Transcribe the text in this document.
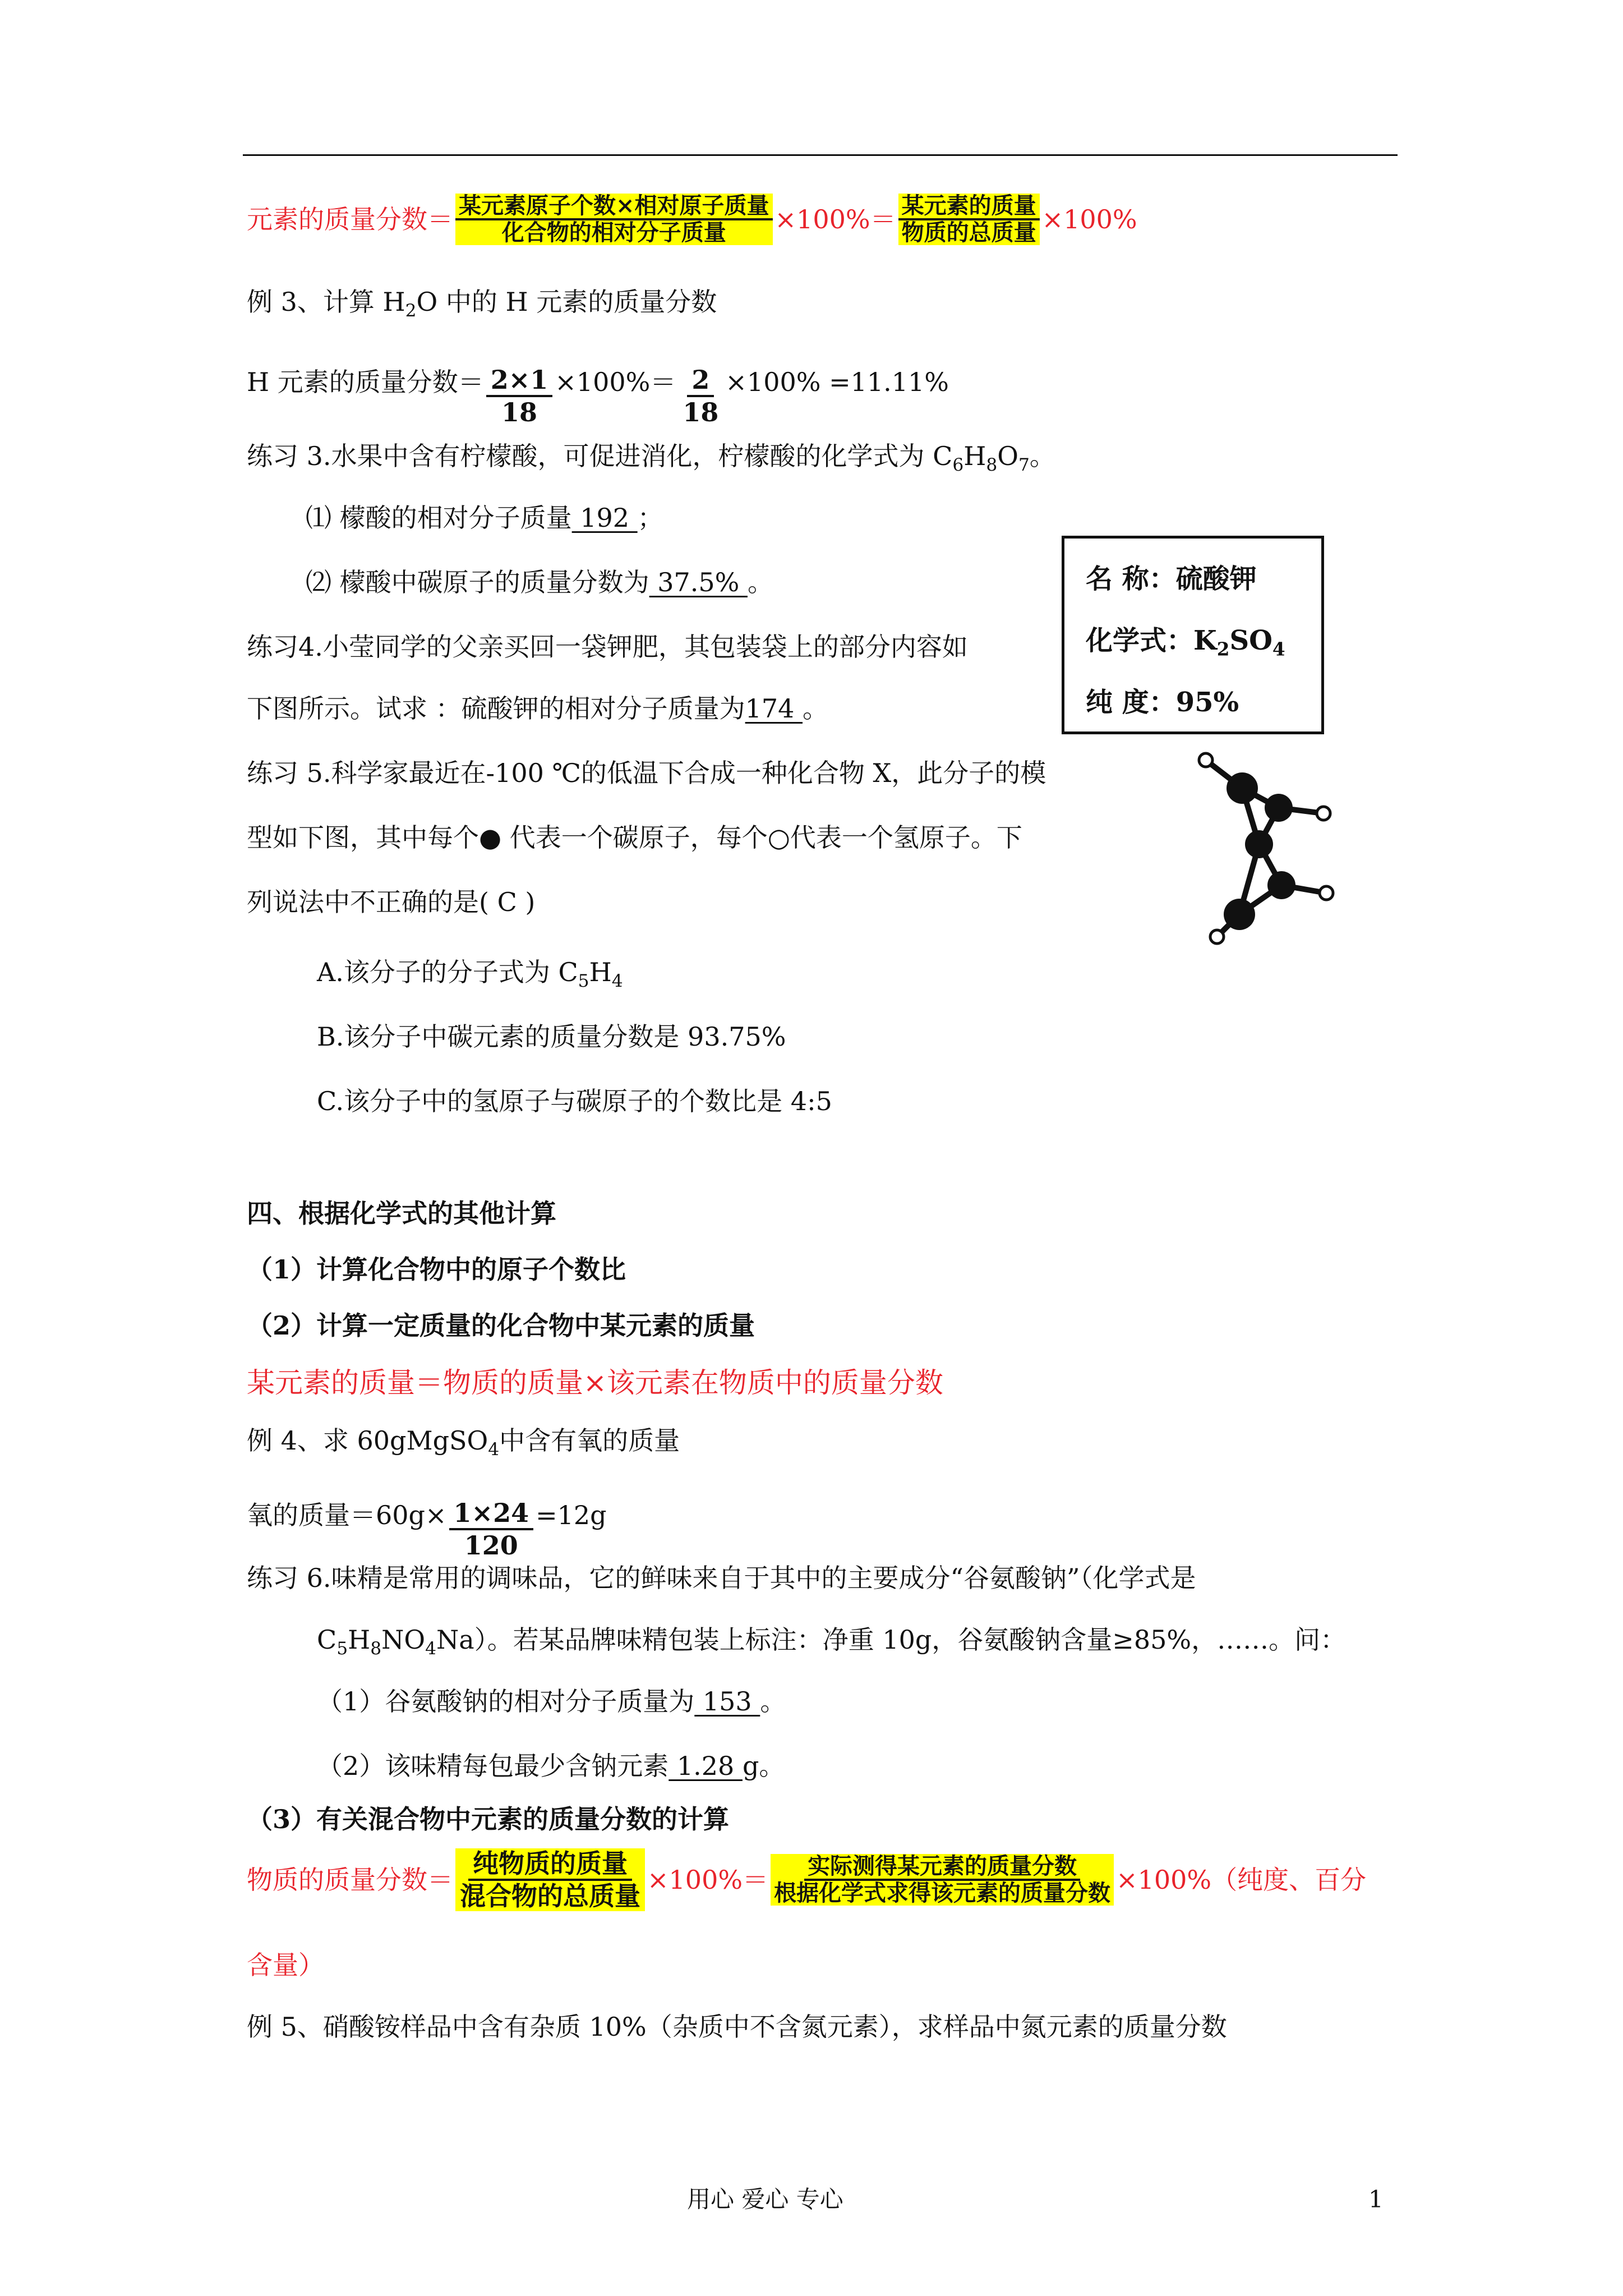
元素的质量分数＝ $\frac{\text{某元素原子个数×相对原子质量}}{\text{化合物的相对分子质量}} \times 100\%= \frac{\text{某元素的质量}}{\text{物质的总质量}} \times 100\%$
例 3、计算 $H_2O$ 中的 H 元素的质量分数
H 元素的质量分数＝ $\frac{2\times 1}{18} \times 100\%= \frac{2}{18} \times 100\% =11.11\%$
练习 3.水果中含有柠檬酸，可促进消化，柠檬酸的化学式为 $C_6H_8O_7$。
⑴ 檬酸的相对分子质量 192 ；
⑵ 檬酸中碳原子的质量分数为 37.5% 。
练习4.小莹同学的父亲买回一袋钾肥，其包装袋上的部分内容如
下图所示。试求 ：硫酸钾的相对分子质量为174 。
名 称：硫酸钾
化学式：$K_2SO_4$
纯 度：95%
练习 5.科学家最近在-100 ℃的低温下合成一种化合物 X，此分子的模
型如下图，其中每个● 代表一个碳原子，每个○代表一个氢原子。下
列说法中不正确的是( C )
A.该分子的分子式为 $C_5H_4$
B.该分子中碳元素的质量分数是 93.75%
C.该分子中的氢原子与碳原子的个数比是 4:5
四、根据化学式的其他计算
（1）计算化合物中的原子个数比
（2）计算一定质量的化合物中某元素的质量
某元素的质量＝物质的质量×该元素在物质中的质量分数
例 4、求 60gMgSO$_4$中含有氧的质量
氧的质量$=60g\times \frac{1\times 24}{120} =12g$
练习 6.味精是常用的调味品，它的鲜味来自于其中的主要成分“谷氨酸钠”（化学式是
$C_5H_8NO_4Na$）。若某品牌味精包装上标注：净重 10g，谷氨酸钠含量≥85%，……。问：
（1）谷氨酸钠的相对分子质量为 153 。
（2）该味精每包最少含钠元素 1.28 g。
（3）有关混合物中元素的质量分数的计算
物质的质量分数＝ $\frac{\text{纯物质的质量}}{\text{混合物的总质量}} \times 100\%= \frac{\text{实际测得某元素的质量分数}}{\text{根据化学式求得该元素的质量分数}} \times 100\%$（纯度、百分
含量）
例 5、硝酸铵样品中含有杂质 10%（杂质中不含氮元素），求样品中氮元素的质量分数
用心 爱心 专心	1
